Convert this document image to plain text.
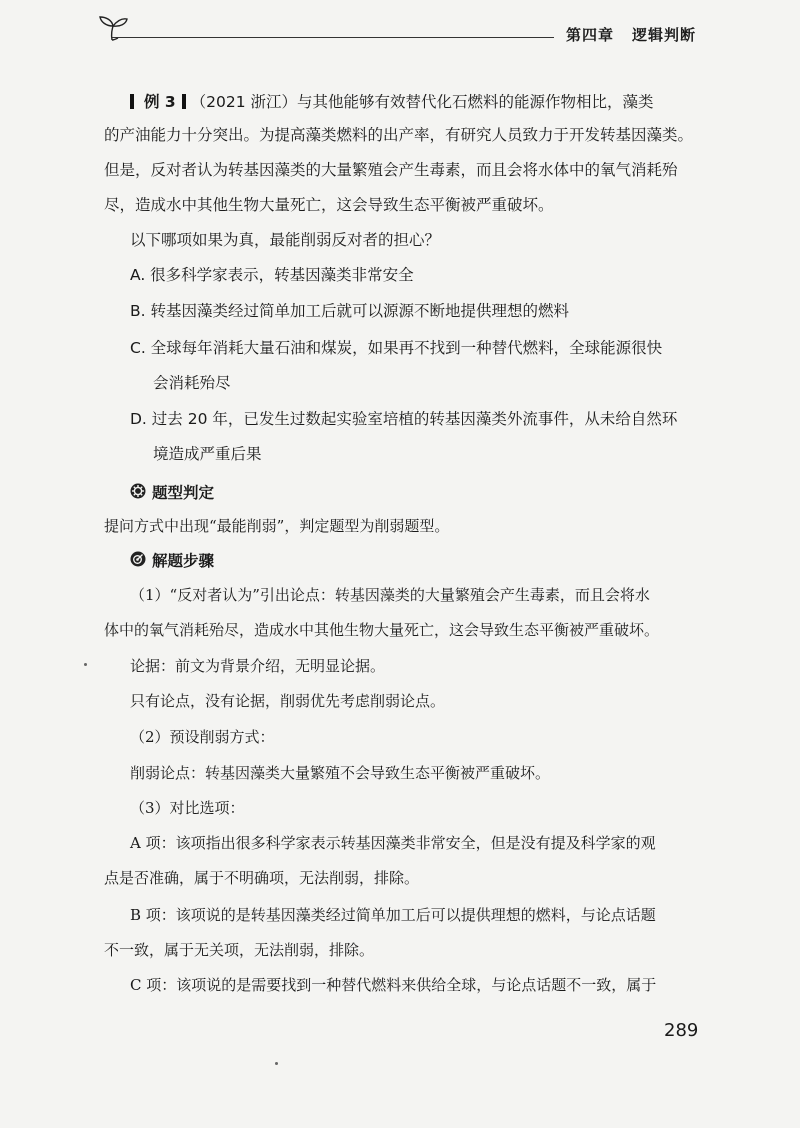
第四章 逻辑判断
例 3 （2021 浙江）与其他能够有效替代化石燃料的能源作物相比，藻类
的产油能力十分突出。为提高藻类燃料的出产率，有研究人员致力于开发转基因藻类。
但是，反对者认为转基因藻类的大量繁殖会产生毒素，而且会将水体中的氧气消耗殆
尽，造成水中其他生物大量死亡，这会导致生态平衡被严重破坏。
以下哪项如果为真，最能削弱反对者的担心？
A. 很多科学家表示，转基因藻类非常安全
B. 转基因藻类经过简单加工后就可以源源不断地提供理想的燃料
C. 全球每年消耗大量石油和煤炭，如果再不找到一种替代燃料，全球能源很快
会消耗殆尽
D. 过去 20 年，已发生过数起实验室培植的转基因藻类外流事件，从未给自然环
境造成严重后果
题型判定
提问方式中出现“最能削弱”，判定题型为削弱题型。
解题步骤
（1）“反对者认为”引出论点：转基因藻类的大量繁殖会产生毒素，而且会将水
体中的氧气消耗殆尽，造成水中其他生物大量死亡，这会导致生态平衡被严重破坏。
论据：前文为背景介绍，无明显论据。
只有论点，没有论据，削弱优先考虑削弱论点。
（2）预设削弱方式：
削弱论点：转基因藻类大量繁殖不会导致生态平衡被严重破坏。
（3）对比选项：
A 项：该项指出很多科学家表示转基因藻类非常安全，但是没有提及科学家的观
点是否准确，属于不明确项，无法削弱，排除。
B 项：该项说的是转基因藻类经过简单加工后可以提供理想的燃料，与论点话题
不一致，属于无关项，无法削弱，排除。
C 项：该项说的是需要找到一种替代燃料来供给全球，与论点话题不一致，属于
289
